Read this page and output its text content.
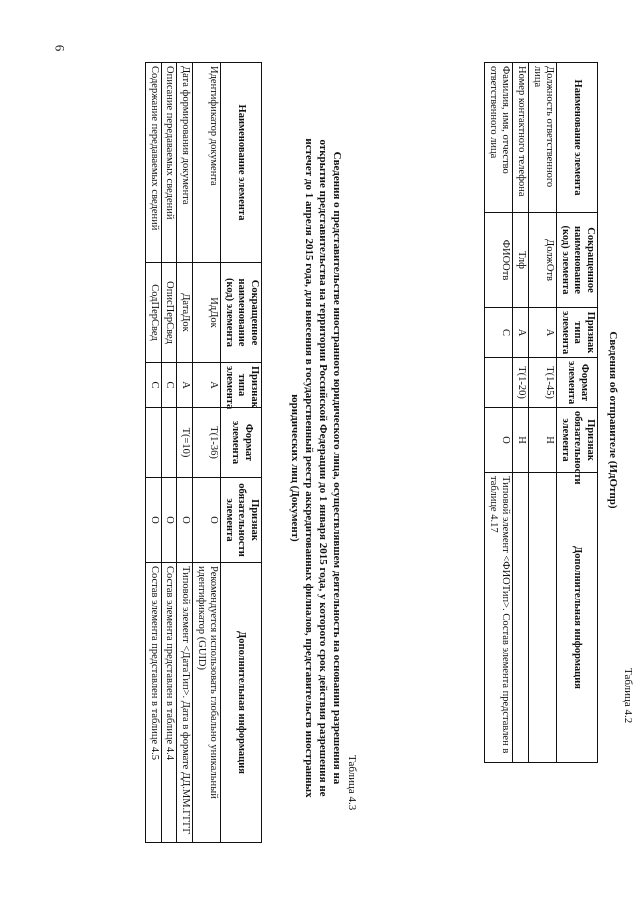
6
Таблица 4.2
Сведения об отправителе (ИдОтпр)
Наименование элемента	Сокращенное наименование (код) элемента	Признак типа элемента	Формат элемента	Признак обязательности элемента	Дополнительная информация
Должность ответственного лица	ДолжОтв	А	T(1-45)	Н	
Номер контактного телефона	Тлф	А	T(1-20)	Н	
Фамилия, имя, отчество ответственного лица	ФИООтв	С		О	Типовой элемент <ФИОТип>. Состав элемента представлен в таблице 4.17
Таблица 4.3
Сведения о представительстве иностранного юридического лица, осуществлявшем деятельность на основании разрешения на открытие представительства на территории Российской Федерации до 1 января 2015 года, у которого срок действия разрешения не истечет до 1 апреля 2015 года, для внесения в государственный реестр аккредитованных филиалов, представительств иностранных юридических лиц (Документ)
Наименование элемента	Сокращенное наименование (код) элемента	Признак типа элемента	Формат элемента	Признак обязательности элемента	Дополнительная информация
Идентификатор документа	ИдДок	А	T(1-36)	О	Рекомендуется использовать глобально уникальный идентификатор (GUID)
Дата формирования документа	ДатаДок	А	T(=10)	О	Типовой элемент <ДатаТип>. Дата в формате ДД.ММ.ГГГГ
Описание передаваемых сведений	ОписПерСвед	С		О	Состав элемента представлен в таблице 4.4
Содержание передаваемых сведений	СодПерСвед	С		О	Состав элемента представлен в таблице 4.5
